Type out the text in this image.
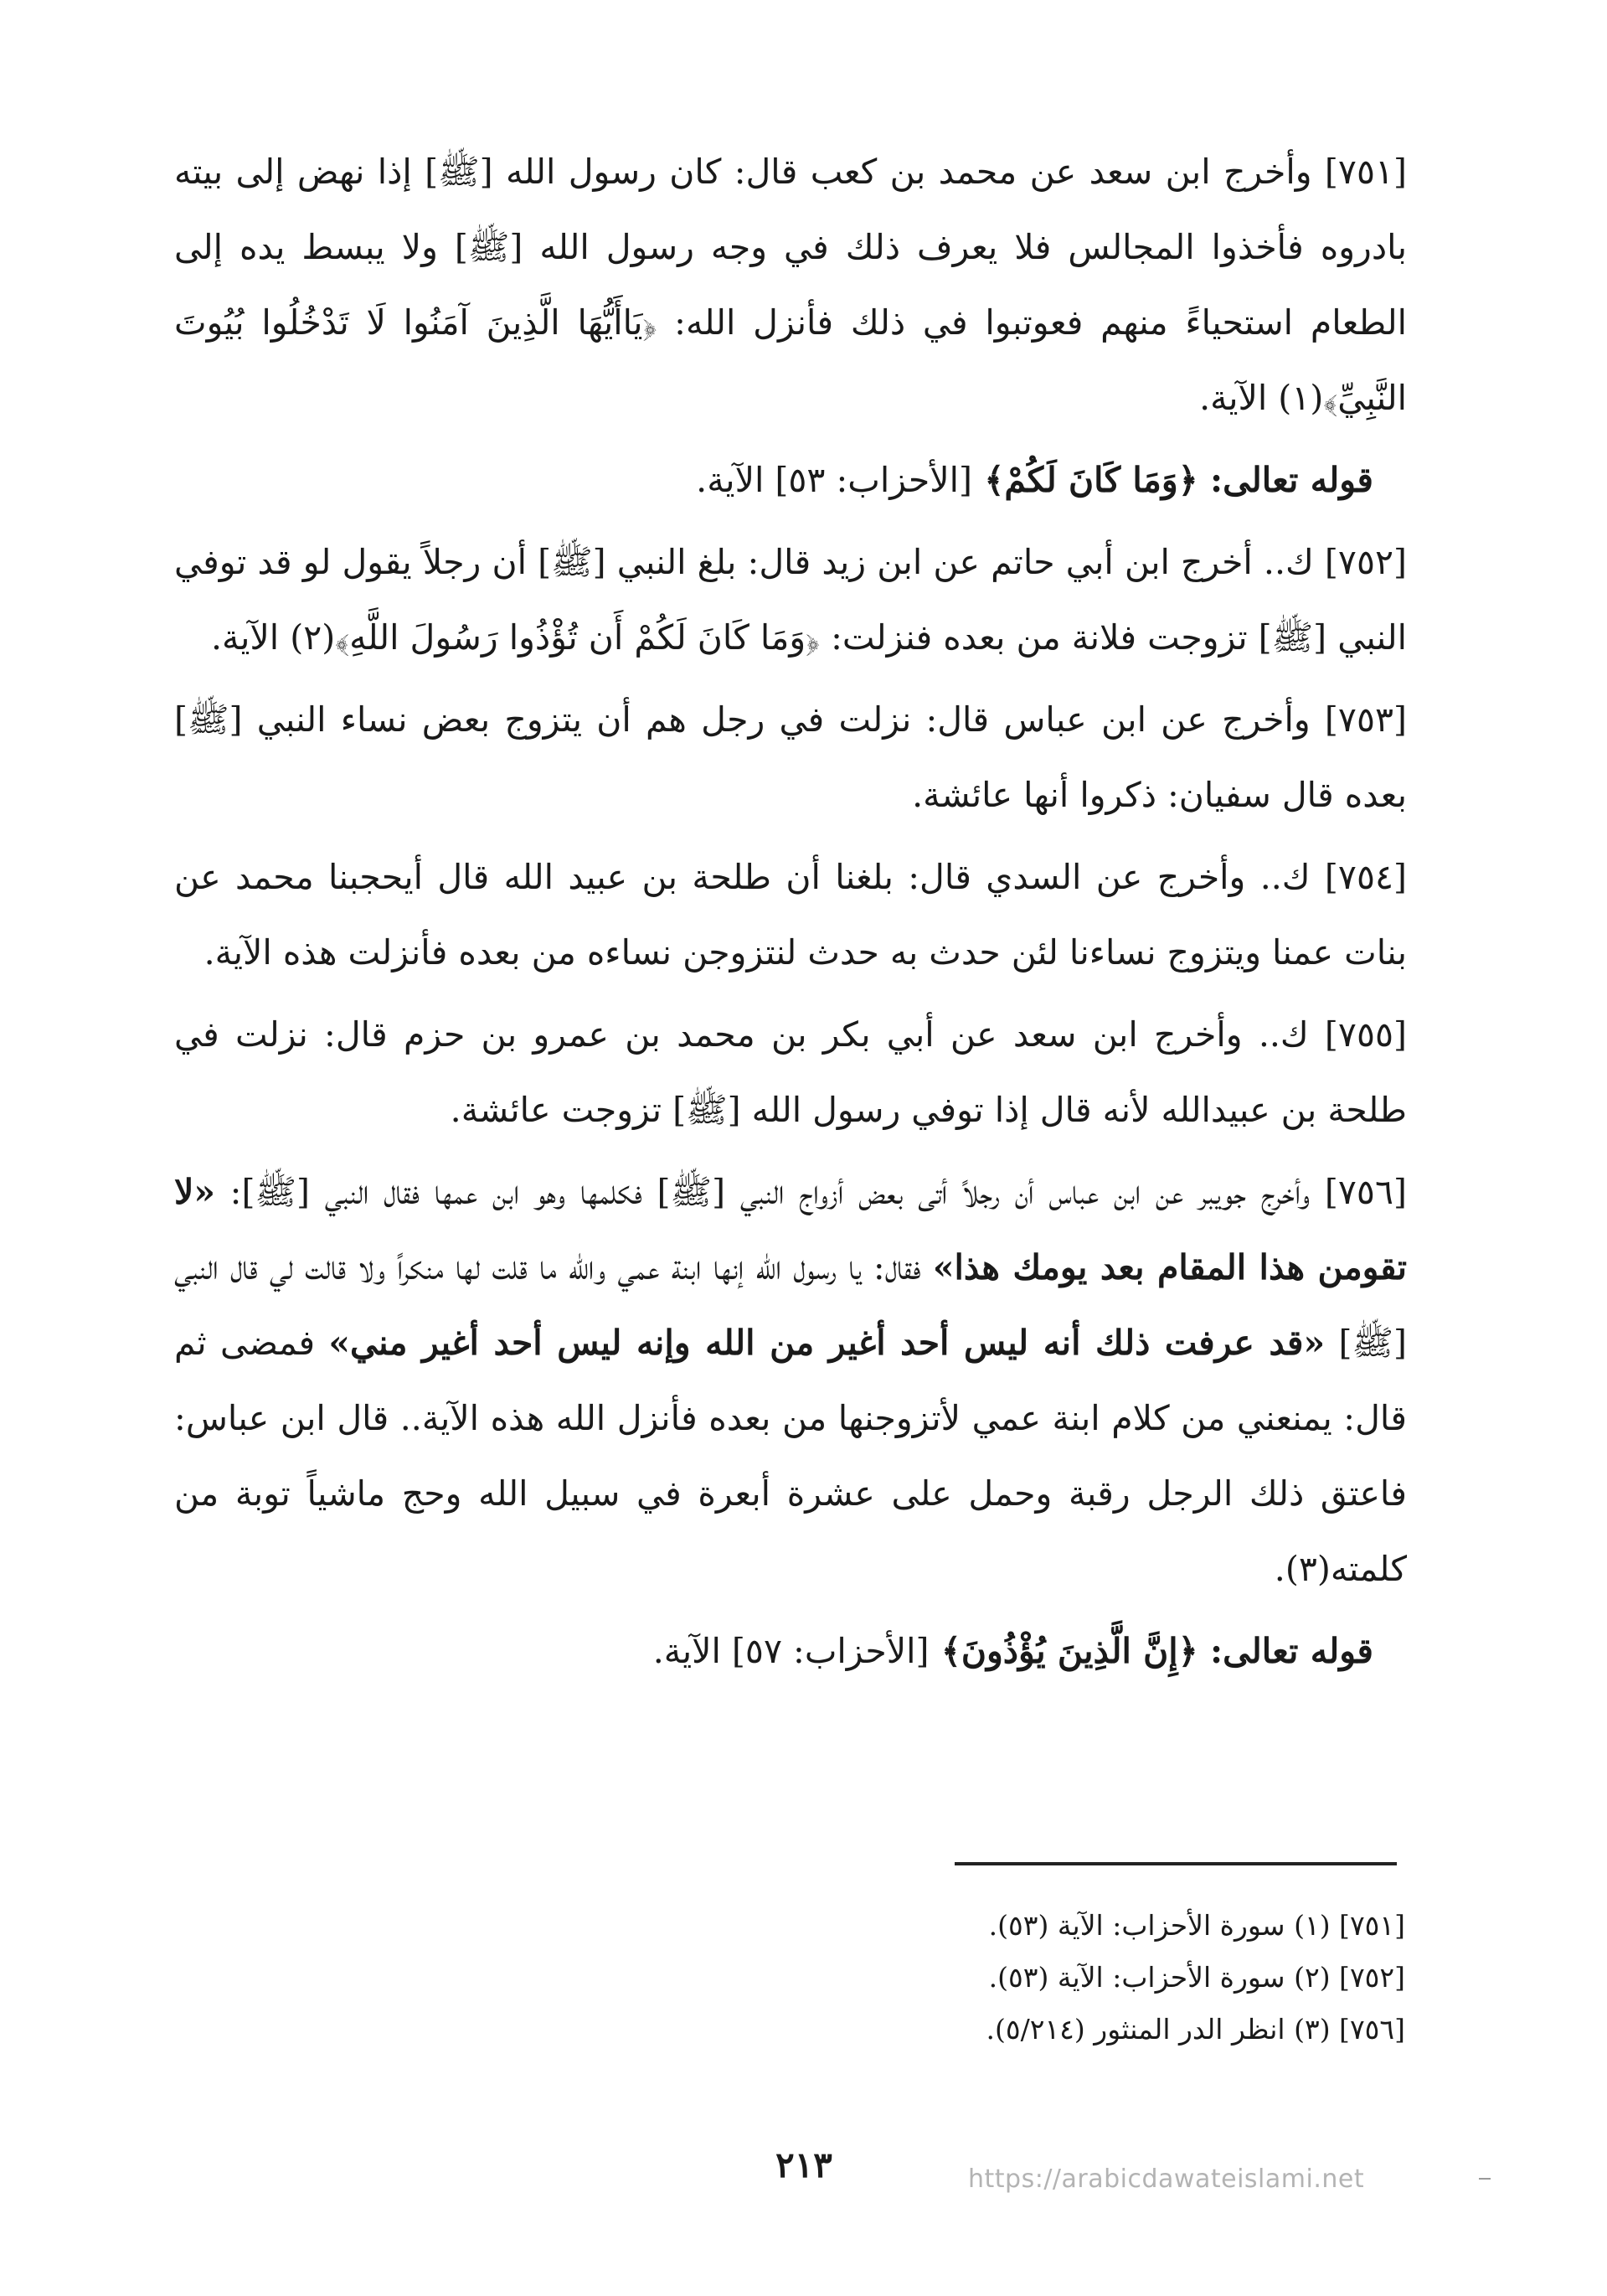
[٧٥١] وأخرج ابن سعد عن محمد بن كعب قال: كان رسول الله [ﷺ] إذا نهض إلى بيته بادروه فأخذوا المجالس فلا يعرف ذلك في وجه رسول الله [ﷺ] ولا يبسط يده إلى الطعام استحياءً منهم فعوتبوا في ذلك فأنزل الله: ﴿يَاأَيُّهَا الَّذِينَ آمَنُوا لَا تَدْخُلُوا بُيُوتَ النَّبِيِّ﴾(١) الآية.

قوله تعالى: ﴿وَمَا كَانَ لَكُمْ﴾ [الأحزاب: ٥٣] الآية.

[٧٥٢] ك.. أخرج ابن أبي حاتم عن ابن زيد قال: بلغ النبي [ﷺ] أن رجلاً يقول لو قد توفي النبي [ﷺ] تزوجت فلانة من بعده فنزلت: ﴿وَمَا كَانَ لَكُمْ أَن تُؤْذُوا رَسُولَ اللَّهِ﴾(٢) الآية.

[٧٥٣] وأخرج عن ابن عباس قال: نزلت في رجل هم أن يتزوج بعض نساء النبي [ﷺ] بعده قال سفيان: ذكروا أنها عائشة.

[٧٥٤] ك.. وأخرج عن السدي قال: بلغنا أن طلحة بن عبيد الله قال أيحجبنا محمد عن بنات عمنا ويتزوج نساءنا لئن حدث به حدث لنتزوجن نساءه من بعده فأنزلت هذه الآية.

[٧٥٥] ك.. وأخرج ابن سعد عن أبي بكر بن محمد بن عمرو بن حزم قال: نزلت في طلحة بن عبيدالله لأنه قال إذا توفي رسول الله [ﷺ] تزوجت عائشة.

[٧٥٦] وأخرج جويبر عن ابن عباس أن رجلاً أتى بعض أزواج النبي [ﷺ] فكلمها وهو ابن عمها فقال النبي [ﷺ]: «لا تقومن هذا المقام بعد يومك هذا» فقال: يا رسول الله إنها ابنة عمي والله ما قلت لها منكراً ولا قالت لي قال النبي [ﷺ] «قد عرفت ذلك أنه ليس أحد أغير من الله وإنه ليس أحد أغير مني» فمضى ثم قال: يمنعني من كلام ابنة عمي لأتزوجنها من بعده فأنزل الله هذه الآية.. قال ابن عباس: فاعتق ذلك الرجل رقبة وحمل على عشرة أبعرة في سبيل الله وحج ماشياً توبة من كلمته(٣).

قوله تعالى: ﴿إِنَّ الَّذِينَ يُؤْذُونَ﴾ [الأحزاب: ٥٧] الآية.

[٧٥١] (١) سورة الأحزاب: الآية (٥٣).

[٧٥٢] (٢) سورة الأحزاب: الآية (٥٣).

[٧٥٦] (٣) انظر الدر المنثور (٥/٢١٤).

٢١٣	https://arabicdawateislami.net
